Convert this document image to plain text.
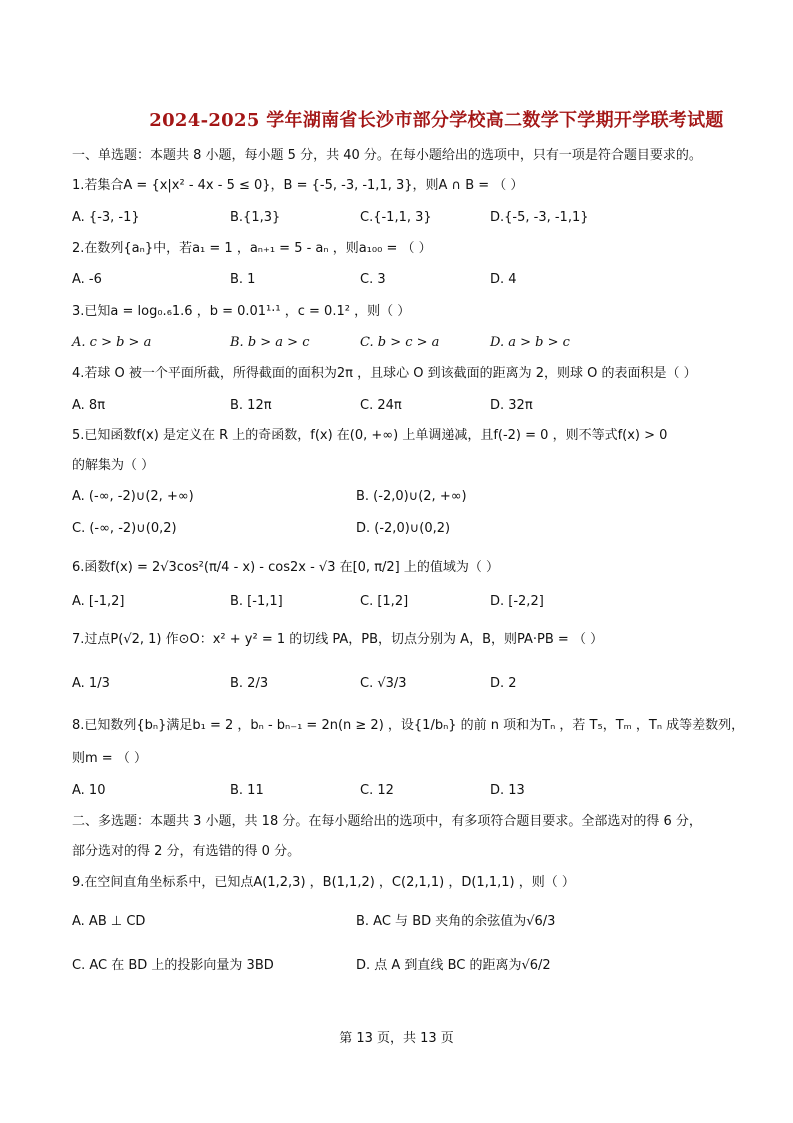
2024-2025 学年湖南省长沙市部分学校高二数学下学期开学联考试题
一、单选题：本题共 8 小题，每小题 5 分，共 40 分。在每小题给出的选项中，只有一项是符合题目要求的。
1.若集合A = {x|x² - 4x - 5 ≤ 0}，B = {-5, -3, -1,1, 3}，则A ∩ B = （ ）
A. {-3, -1}	B.{1,3}	C.{-1,1, 3}	D.{-5, -3, -1,1}
2.在数列{aₙ}中，若a₁ = 1 ，aₙ₊₁ = 5 - aₙ ，则a₁₀₀ = （ ）
A. -6	B. 1	C. 3	D. 4
3.已知a = log₀.₆1.6 ，b = 0.01¹·¹ ，c = 0.1² ，则（ ）
A. c > b > a	B. b > a > c	C. b > c > a	D. a > b > c
4.若球 O 被一个平面所截，所得截面的面积为2π ，且球心 O 到该截面的距离为 2，则球 O 的表面积是（ ）
A. 8π	B. 12π	C. 24π	D. 32π
5.已知函数f(x) 是定义在 R 上的奇函数，f(x) 在(0, +∞) 上单调递减，且f(-2) = 0 ，则不等式f(x) > 0
的解集为（ ）
A. (-∞, -2)∪(2, +∞)	B. (-2,0)∪(2, +∞)
C. (-∞, -2)∪(0,2)	D. (-2,0)∪(0,2)
6.函数f(x) = 2√3cos²(π/4 - x) - cos2x - √3 在[0, π/2] 上的值域为（ ）
A. [-1,2]	B. [-1,1]	C. [1,2]	D. [-2,2]
7.过点P(√2, 1) 作⊙O：x² + y² = 1 的切线 PA，PB，切点分别为 A，B，则PA·PB = （ ）
A. 1/3	B. 2/3	C. √3/3	D. 2
8.已知数列{bₙ}满足b₁ = 2 ，bₙ - bₙ₋₁ = 2n(n ≥ 2) ，设{1/bₙ} 的前 n 项和为Tₙ ，若 T₅，Tₘ ，Tₙ 成等差数列，
则m = （ ）
A. 10	B. 11	C. 12	D. 13
二、多选题：本题共 3 小题，共 18 分。在每小题给出的选项中，有多项符合题目要求。全部选对的得 6 分，
部分选对的得 2 分，有选错的得 0 分。
9.在空间直角坐标系中，已知点A(1,2,3) ，B(1,1,2) ，C(2,1,1) ，D(1,1,1) ，则（ ）
A. AB ⊥ CD	B. AC 与 BD 夹角的余弦值为√6/3
C. AC 在 BD 上的投影向量为 3BD	D. 点 A 到直线 BC 的距离为√6/2
第 13 页，共 13 页
